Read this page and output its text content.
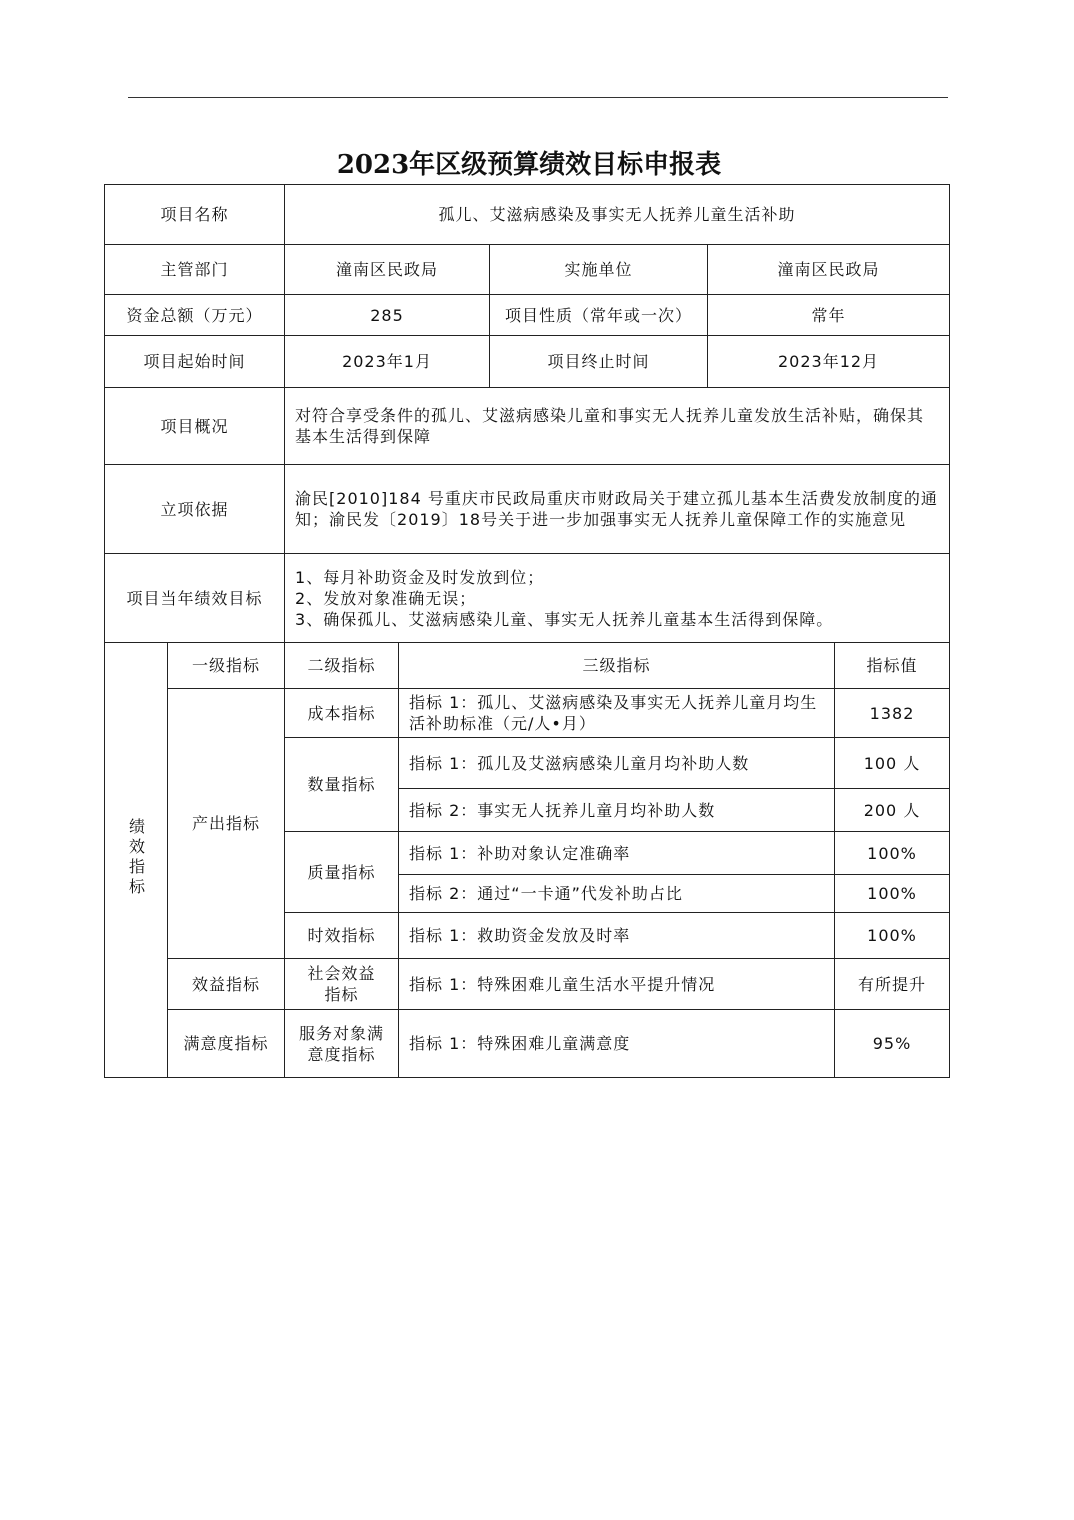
2023年区级预算绩效目标申报表
项目名称		孤儿、艾滋病感染及事实无人抚养儿童生活补助				
主管部门		潼南区民政局		实施单位	潼南区民政局	
资金总额（万元）		285		项目性质（常年或一次）	常年	
项目起始时间		2023年1月		项目终止时间	2023年12月	
项目概况		对符合享受条件的孤儿、艾滋病感染儿童和事实无人抚养儿童发放生活补贴，确保其基本生活得到保障				
立项依据		渝民[2010]184 号重庆市民政局重庆市财政局关于建立孤儿基本生活费发放制度的通知；渝民发〔2019〕18号关于进一步加强事实无人抚养儿童保障工作的实施意见				
项目当年绩效目标		1、每月补助资金及时发放到位；
2、发放对象准确无误；
3、确保孤儿、艾滋病感染儿童、事实无人抚养儿童基本生活得到保障。				

绩效指标	一级指标	二级指标	三级指标			指标值
	产出指标	成本指标	指标 1：孤儿、艾滋病感染及事实无人抚养儿童月均生活补助标准（元/人•月）			1382
		数量指标	指标 1：孤儿及艾滋病感染儿童月均补助人数			100 人
			指标 2：事实无人抚养儿童月均补助人数			200 人
		质量指标	指标 1：补助对象认定准确率			100%
			指标 2：通过“一卡通”代发补助占比			100%
		时效指标	指标 1：救助资金发放及时率			100%
	效益指标	社会效益指标	指标 1：特殊困难儿童生活水平提升情况			有所提升
	满意度指标	服务对象满意度指标	指标 1：特殊困难儿童满意度			95%
